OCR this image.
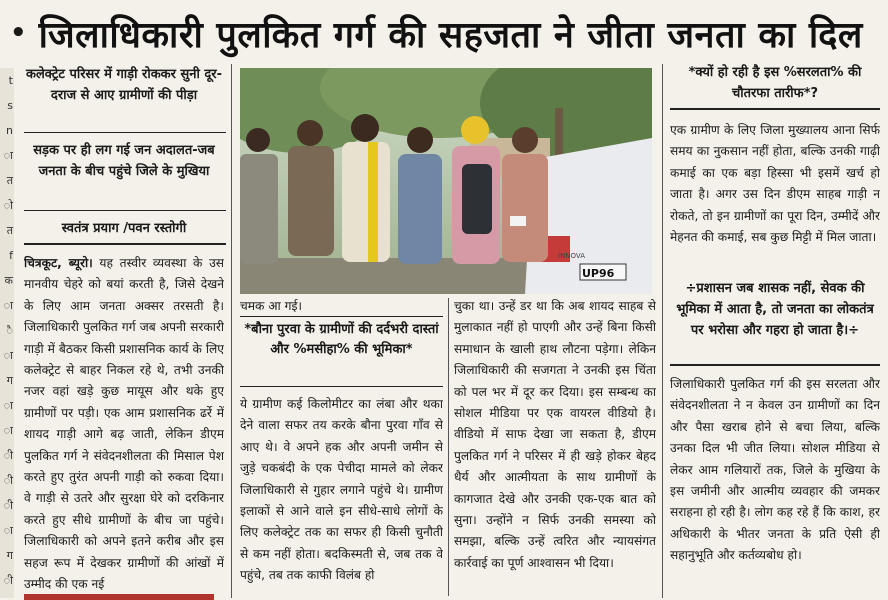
• जिलाधिकारी पुलकित गर्ग की सहजता ने जीता जनता का दिल
t
s
n
ा
त
ो
त
f
क
ा
ै
ा
ग
ा
ा
ी
ी
ी
ा
ग
ी
कलेक्ट्रेट परिसर में गाड़ी रोककर सुनी दूर-दराज से आए ग्रामीणों की पीड़ा
सड़क पर ही लग गई जन अदालत-जब जनता के बीच पहुंचे जिले के मुखिया
स्वतंत्र प्रयाग /पवन रस्तोगी
चित्रकूट, ब्यूरो। यह तस्वीर व्यवस्था के उस मानवीय चेहरे को बयां करती है, जिसे देखने के लिए आम जनता अक्सर तरसती है। जिलाधिकारी पुलकित गर्ग जब अपनी सरकारी गाड़ी में बैठकर किसी प्रशासनिक कार्य के लिए कलेक्ट्रेट से बाहर निकल रहे थे, तभी उनकी नजर वहां खड़े कुछ मायूस और थके हुए ग्रामीणों पर पड़ी। एक आम प्रशासनिक ढर्रे में शायद गाड़ी आगे बढ़ जाती, लेकिन डीएम पुलकित गर्ग ने संवेदनशीलता की मिसाल पेश करते हुए तुरंत अपनी गाड़ी को रुकवा दिया। वे गाड़ी से उतरे और सुरक्षा घेरे को दरकिनार करते हुए सीधे ग्रामीणों के बीच जा पहुंचे। जिलाधिकारी को अपने इतने करीब और इस सहज रूप में देखकर ग्रामीणों की आंखों में उम्मीद की एक नई
UP96
INNOVA
चमक आ गई।
*बौना पुरवा के ग्रामीणों की दर्दभरी दास्तां और %मसीहा% की भूमिका*
ये ग्रामीण कई किलोमीटर का लंबा और थका देने वाला सफर तय करके बौना पुरवा गाँव से आए थे। वे अपने हक और अपनी जमीन से जुड़े चकबंदी के एक पेचीदा मामले को लेकर जिलाधिकारी से गुहार लगाने पहुंचे थे। ग्रामीण इलाकों से आने वाले इन सीधे-साधे लोगों के लिए कलेक्ट्रेट तक का सफर ही किसी चुनौती से कम नहीं होता। बदकिस्मती से, जब तक वे पहुंचे, तब तक काफी विलंब हो
चुका था। उन्हें डर था कि अब शायद साहब से मुलाकात नहीं हो पाएगी और उन्हें बिना किसी समाधान के खाली हाथ लौटना पड़ेगा। लेकिन जिलाधिकारी की सजगता ने उनकी इस चिंता को पल भर में दूर कर दिया। इस सम्बन्ध का सोशल मीडिया पर एक वायरल वीडियो है।वीडियो में साफ देखा जा सकता है, डीएम पुलकित गर्ग ने परिसर में ही खड़े होकर बेहद धैर्य और आत्मीयता के साथ ग्रामीणों के कागजात देखे और उनकी एक-एक बात को सुना। उन्होंने न सिर्फ उनकी समस्या को समझा, बल्कि उन्हें त्वरित और न्यायसंगत कार्रवाई का पूर्ण आश्वासन भी दिया।
*क्यों हो रही है इस %सरलता% की चौतरफा तारीफ*?
एक ग्रामीण के लिए जिला मुख्यालय आना सिर्फ समय का नुकसान नहीं होता, बल्कि उनकी गाढ़ी कमाई का एक बड़ा हिस्सा भी इसमें खर्च हो जाता है। अगर उस दिन डीएम साहब गाड़ी न रोकते, तो इन ग्रामीणों का पूरा दिन, उम्मीदें और मेहनत की कमाई, सब कुछ मिट्टी में मिल जाता।
÷प्रशासन जब शासक नहीं, सेवक की भूमिका में आता है, तो जनता का लोकतंत्र पर भरोसा और गहरा हो जाता है।÷
जिलाधिकारी पुलकित गर्ग की इस सरलता और संवेदनशीलता ने न केवल उन ग्रामीणों का दिन और पैसा खराब होने से बचा लिया, बल्कि उनका दिल भी जीत लिया। सोशल मीडिया से लेकर आम गलियारों तक, जिले के मुखिया के इस जमीनी और आत्मीय व्यवहार की जमकर सराहना हो रही है। लोग कह रहे हैं कि काश, हर अधिकारी के भीतर जनता के प्रति ऐसी ही सहानुभूति और कर्तव्यबोध हो।
